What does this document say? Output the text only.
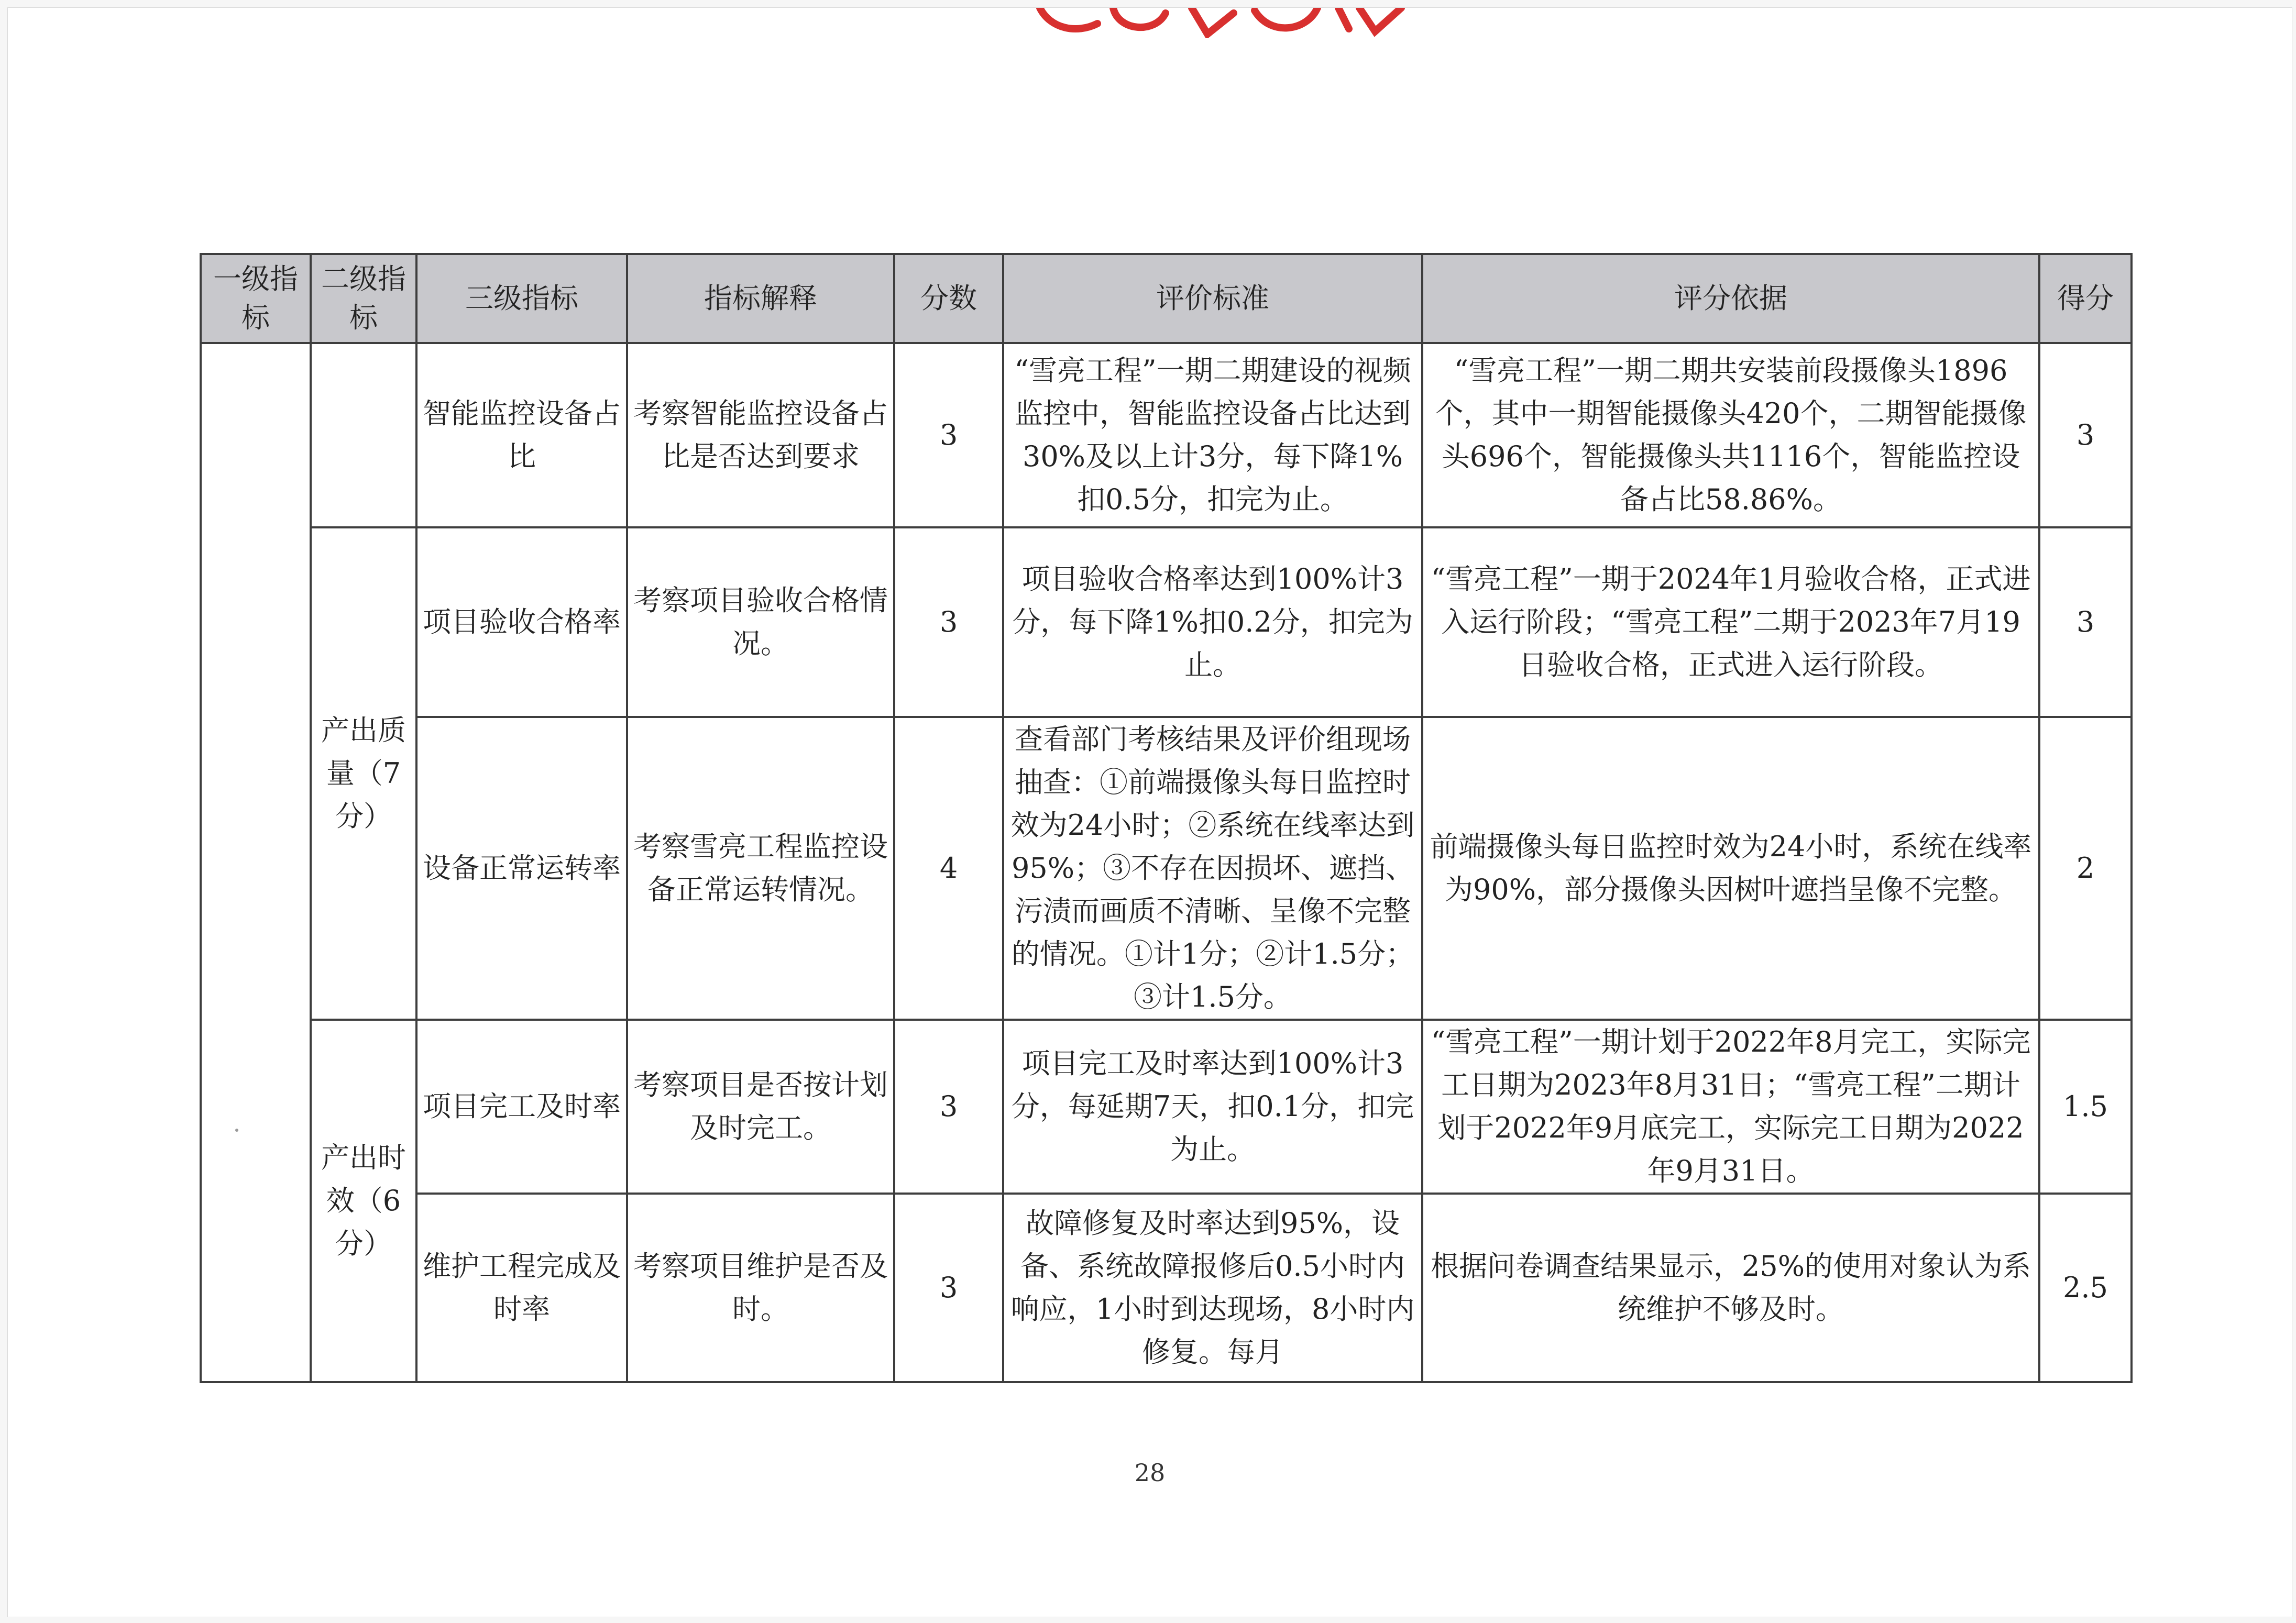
一级指标	二级指标	三级指标	指标解释	分数	评价标准	评分依据	得分
		智能监控设备占比	考察智能监控设备占比是否达到要求	3	“雪亮工程”一期二期建设的视频监控中，智能监控设备占比达到30%及以上计3分，每下降1%扣0.5分，扣完为止。	“雪亮工程”一期二期共安装前段摄像头1896个，其中一期智能摄像头420个，二期智能摄像头696个，智能摄像头共1116个，智能监控设备占比58.86%。	3
	产出质量（7分）	项目验收合格率	考察项目验收合格情况。	3	项目验收合格率达到100%计3分，每下降1%扣0.2分，扣完为止。	“雪亮工程”一期于2024年1月验收合格，正式进入运行阶段；“雪亮工程”二期于2023年7月19日验收合格，正式进入运行阶段。	3
		设备正常运转率	考察雪亮工程监控设备正常运转情况。	4	查看部门考核结果及评价组现场抽查：①前端摄像头每日监控时效为24小时；②系统在线率达到95%；③不存在因损坏、遮挡、污渍而画质不清晰、呈像不完整的情况。①计1分；②计1.5分；③计1.5分。	前端摄像头每日监控时效为24小时，系统在线率为90%，部分摄像头因树叶遮挡呈像不完整。	2
	产出时效（6分）	项目完工及时率	考察项目是否按计划及时完工。	3	项目完工及时率达到100%计3分，每延期7天，扣0.1分，扣完为止。	“雪亮工程”一期计划于2022年8月完工，实际完工日期为2023年8月31日；“雪亮工程”二期计划于2022年9月底完工，实际完工日期为2022年9月31日。	1.5
		维护工程完成及时率	考察项目维护是否及时。	3	故障修复及时率达到95%，设备、系统故障报修后0.5小时内响应，1小时到达现场，8小时内修复。每月	根据问卷调查结果显示，25%的使用对象认为系统维护不够及时。	2.5
28
